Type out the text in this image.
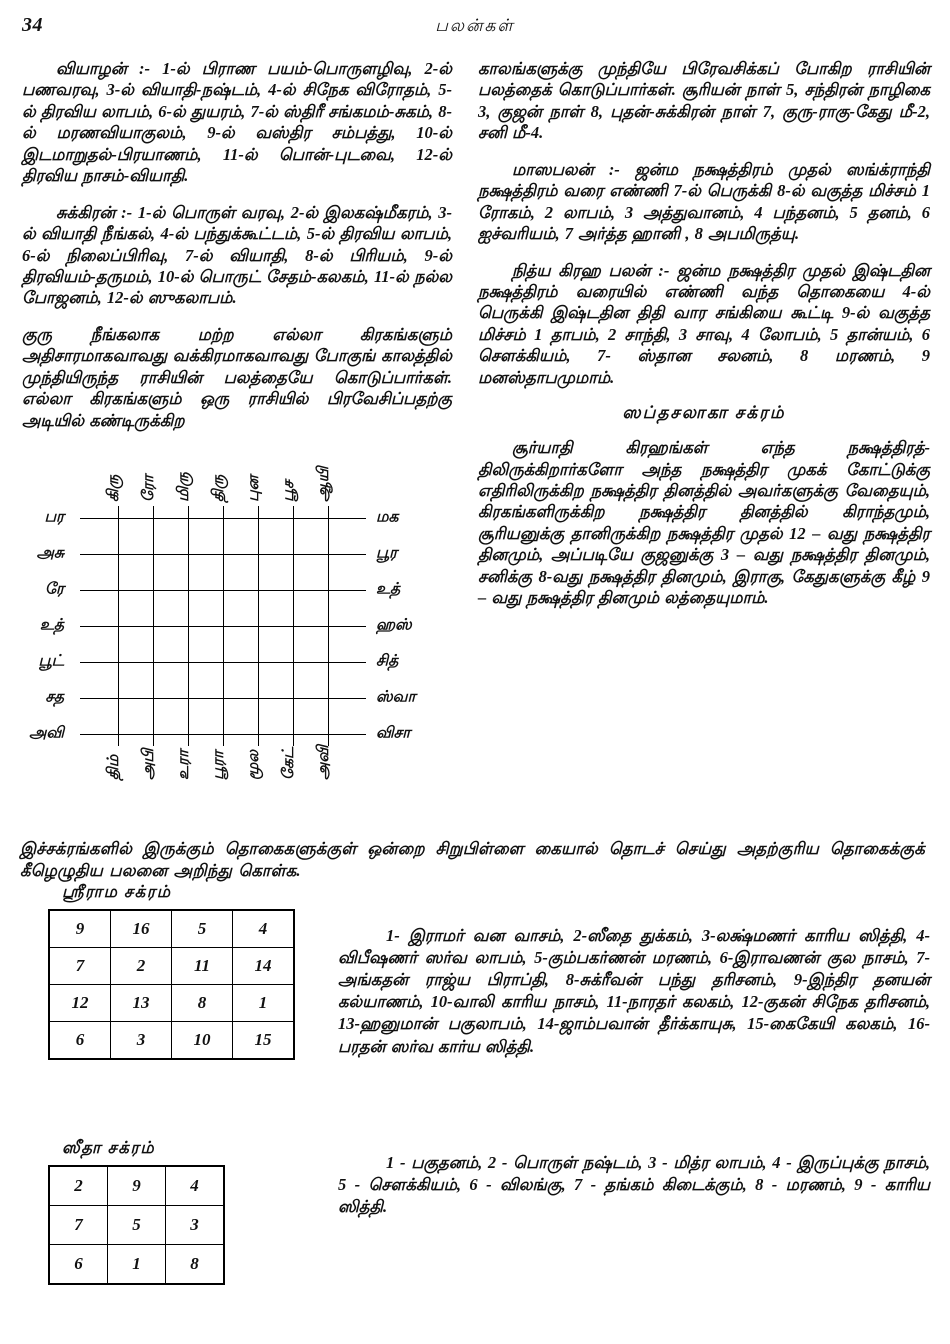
34	பலன்கள்

வியாழன் :- 1-ல் பிராண பயம்-பொருளழிவு, 2-ல் பணவரவு, 3-ல் வியாதி-நஷ்டம், 4-ல் சிநேக விரோதம், 5-ல் திரவிய லாபம், 6-ல் துயரம், 7-ல் ஸ்திரீ சங்கமம்-சுகம், 8-ல் மரணவியாகுலம், 9-ல் வஸ்திர சம்பத்து, 10-ல் இடமாறுதல்-பிரயாணம், 11-ல் பொன்-புடவை, 12-ல் திரவிய நாசம்-வியாதி.

சுக்கிரன் :- 1-ல் பொருள் வரவு, 2-ல் இலகஷ்மீகரம், 3-ல் வியாதி நீங்கல், 4-ல் பந்துக்கூட்டம், 5-ல் திரவிய லாபம், 6-ல் நிலைப்பிரிவு, 7-ல் வியாதி, 8-ல் பிரியம், 9-ல் திரவியம்-தருமம், 10-ல் பொருட் சேதம்-கலகம், 11-ல் நல்ல போஜனம், 12-ல் ஸுகலாபம்.

குரு நீங்கலாக மற்ற எல்லா கிரகங்களும் அதிசாரமாகவாவது வக்கிரமாகவாவது போகுங் காலத்தில் முந்தியிருந்த ராசியின் பலத்தையே கொடுப்பார்கள். எல்லா கிரகங்களும் ஒரு ராசியில் பிரவேசிப்பதற்கு அடியில் கண்டிருக்கிற

காலங்களுக்கு முந்தியே பிரேவசிக்கப் போகிற ராசியின் பலத்தைக் கொடுப்பார்கள். சூரியன் நாள் 5, சந்திரன் நாழிகை 3, குஜன் நாள் 8, புதன்-சுக்கிரன் நாள் 7, குரு-ராகு-கேது மீ-2, சனி மீ-4.

மாஸபலன் :- ஜன்ம நக்ஷத்திரம் முதல் ஸங்க்ராந்தி நக்ஷத்திரம் வரை எண்ணி 7-ல் பெருக்கி 8-ல் வகுத்த மிச்சம் 1 ரோகம், 2 லாபம், 3 அத்துவானம், 4 பந்தனம், 5 தனம், 6 ஐச்வரியம், 7 அர்த்த ஹானி , 8 அபமிருத்யு.

நித்ய கிரஹ பலன் :- ஜன்ம நக்ஷத்திர முதல் இஷ்டதின நக்ஷத்திரம் வரையில் எண்ணி வந்த தொகையை 4-ல் பெருக்கி இஷ்டதின திதி வார சங்கியை கூட்டி 9-ல் வகுத்த மிச்சம் 1 தாபம், 2 சாந்தி, 3 சாவு, 4 லோபம், 5 தான்யம், 6 செளக்கியம், 7- ஸ்தான சலனம், 8 மரணம், 9 மனஸ்தாபமுமாம்.

ஸப்தசலாகா சக்ரம்

சூர்யாதி கிரஹங்கள் எந்த நக்ஷத்திரத்-திலிருக்கிறார்களோ அந்த நக்ஷத்திர முகக் கோட்டுக்கு எதிரிலிருக்கிற நக்ஷத்திர தினத்தில் அவர்களுக்கு வேதையும், கிரகங்களிருக்கிற நக்ஷத்திர தினத்தில் கிராந்தமும், சூரியனுக்கு தானிருக்கிற நக்ஷத்திர முதல் 12 – வது நக்ஷத்திர தினமும், அப்படியே குஜனுக்கு 3 – வது நக்ஷத்திர தினமும், சனிக்கு 8-வது நக்ஷத்திர தினமும், இராகு, கேதுகளுக்கு கீழ் 9 – வது நக்ஷத்திர தினமும் லத்தையுமாம்.

கிரு
திம்
ரோ
அபி
மிரு
உரா
திரு
பூரா
புன
மூல
பூச
கேட்
ஆயி
அவி
பர	மக
அசு	பூர
ரே	உத்
உத்	ஹஸ்
பூட்	சித்
சத	ஸ்வா
அவி	விசா
இச்சக்ரங்களில் இருக்கும் தொகைகளுக்குள் ஒன்றை சிறுபிள்ளை கையால் தொடச் செய்து அதற்குரிய தொகைக்குக் கீழெழுதிய பலனை அறிந்து கொள்க.
ஸ்ரீராம சக்ரம்
9	16	5	4
7	2	11	14
12	13	8	1
6	3	10	15
1- இராமர் வன வாசம், 2-ஸீதை துக்கம், 3-லக்ஷ்மணர் காரிய ஸித்தி, 4-விபீஷணர் ஸர்வ லாபம், 5-கும்பகர்ணன் மரணம், 6-இராவணன் குல நாசம், 7-அங்கதன் ராஜ்ய பிராப்தி, 8-சுக்ரீவன் பந்து தரிசனம், 9-இந்திர தனயன் கல்யாணம், 10-வாலி காரிய நாசம், 11-நாரதர் கலகம், 12-குகன் சிநேக தரிசனம், 13-ஹனுமான் பகுலாபம், 14-ஜாம்பவான் தீர்க்காயுசு, 15-கைகேயி கலகம், 16-பரதன் ஸர்வ கார்ய ஸித்தி.
ஸீதா சக்ரம்
2	9	4
7	5	3
6	1	8
1 - பகுதனம், 2 - பொருள் நஷ்டம், 3 - மித்ர லாபம், 4 - இருப்புக்கு நாசம், 5 - செளக்கியம், 6 - விலங்கு, 7 - தங்கம் கிடைக்கும், 8 - மரணம், 9 - காரிய ஸித்தி.
